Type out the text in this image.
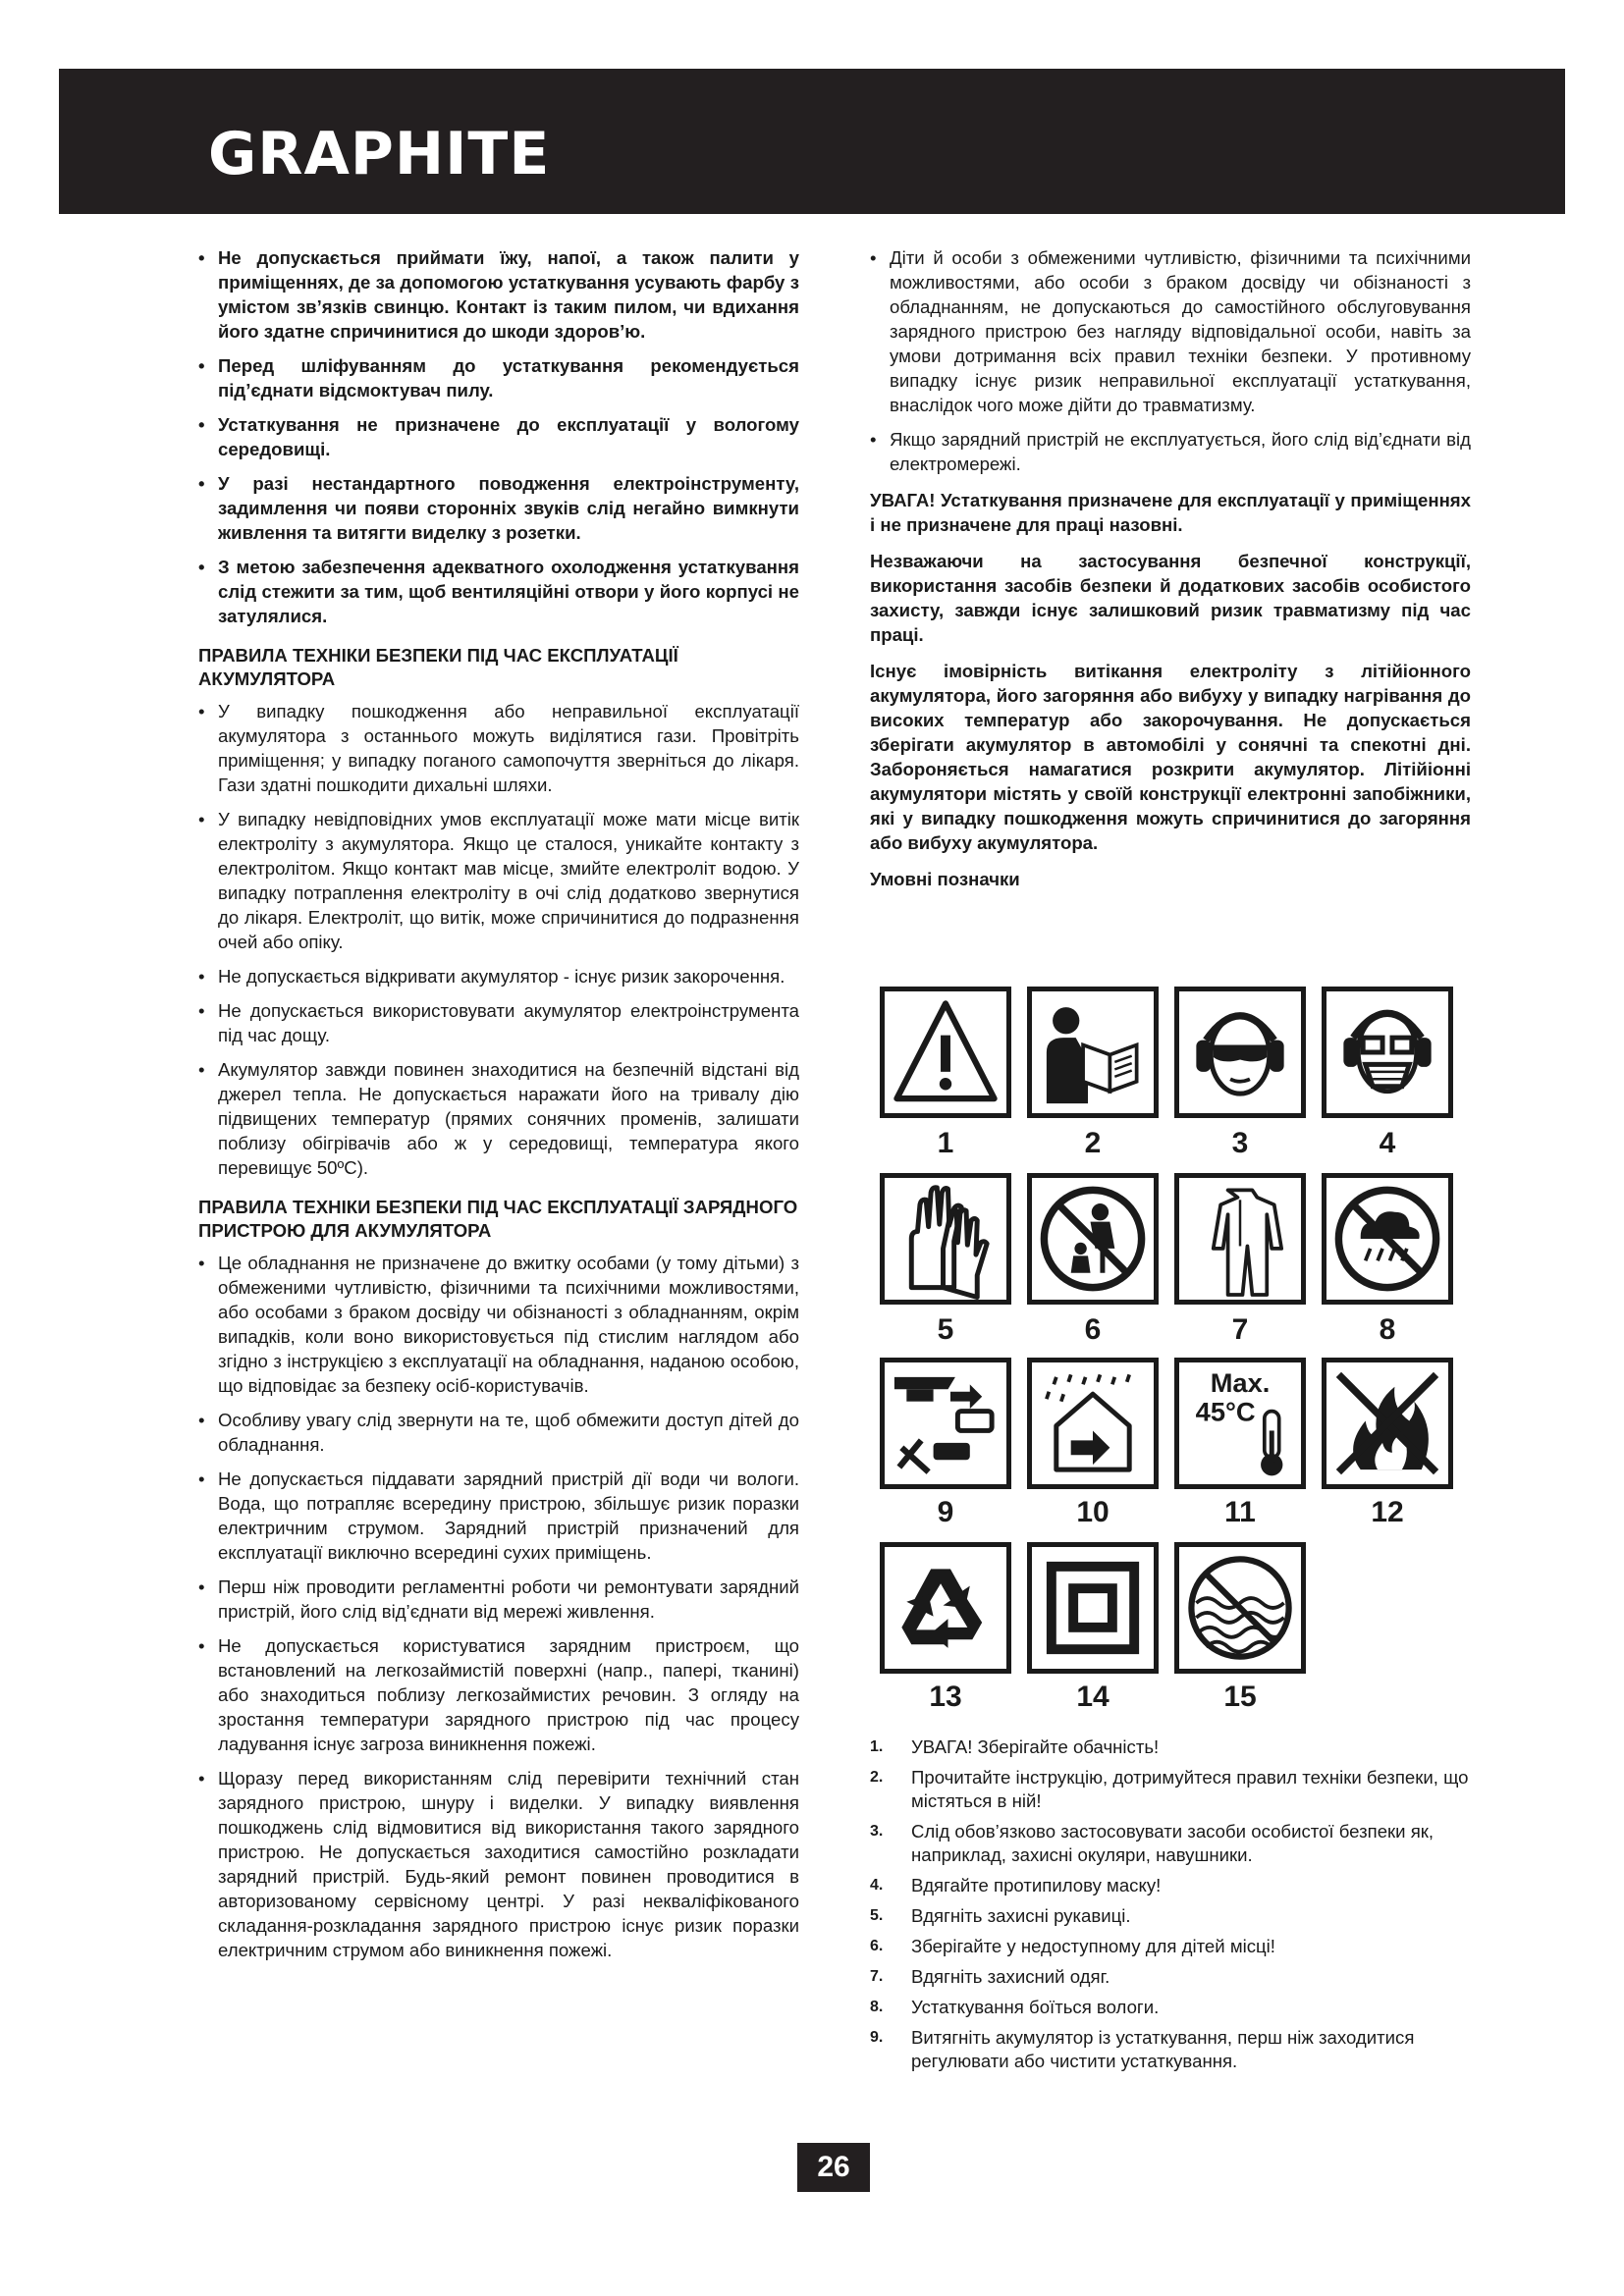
GRAPHITE
• Не допускається приймати їжу, напої, а також палити у приміщеннях, де за допомогою устаткування усувають фарбу з умістом зв’язків свинцю. Контакт із таким пилом, чи вдихання його здатне спричинитися до шкоди здоров’ю.
• Перед шліфуванням до устаткування рекомендується під’єднати відсмоктувач пилу.
• Устаткування не призначене до експлуатації у вологому середовищі.
• У разі нестандартного поводження електроінструменту, задимлення чи появи сторонніх звуків слід негайно вимкнути живлення та витягти виделку з розетки.
• З метою забезпечення адекватного охолодження устаткування слід стежити за тим, щоб вентиляційні отвори у його корпусі не затулялися.
ПРАВИЛА ТЕХНІКИ БЕЗПЕКИ ПІД ЧАС ЕКСПЛУАТАЦІЇ АКУМУЛЯТОРА
• У випадку пошкодження або неправильної експлуатації акумулятора з останнього можуть виділятися гази. Провітріть приміщення; у випадку поганого самопочуття зверніться до лікаря. Гази здатні пошкодити дихальні шляхи.
• У випадку невідповідних умов експлуатації може мати місце витік електроліту з акумулятора. Якщо це сталося, уникайте контакту з електролітом. Якщо контакт мав місце, змийте електроліт водою. У випадку потраплення електроліту в очі слід додатково звернутися до лікаря. Електроліт, що витік, може спричинитися до подразнення очей або опіку.
• Не допускається відкривати акумулятор - існує ризик закорочення.
• Не допускається використовувати акумулятор електроінструмента під час дощу.
• Акумулятор завжди повинен знаходитися на безпечній відстані від джерел тепла. Не допускається наражати його на тривалу дію підвищених температур (прямих сонячних променів, залишати поблизу обігрівачів або ж у середовищі, температура якого перевищує 50ºC).
ПРАВИЛА ТЕХНІКИ БЕЗПЕКИ ПІД ЧАС ЕКСПЛУАТАЦІЇ ЗАРЯДНОГО ПРИСТРОЮ ДЛЯ АКУМУЛЯТОРА
• Це обладнання не призначене до вжитку особами (у тому дітьми) з обмеженими чутливістю, фізичними та психічними можливостями, або особами з браком досвіду чи обізнаності з обладнанням, окрім випадків, коли воно використовується під стислим наглядом або згідно з інструкцією з експлуатації на обладнання, наданою особою, що відповідає за безпеку осіб-користувачів.
• Особливу увагу слід звернути на те, щоб обмежити доступ дітей до обладнання.
• Не допускається піддавати зарядний пристрій дії води чи вологи. Вода, що потрапляє всередину пристрою, збільшує ризик поразки електричним струмом. Зарядний пристрій призначений для експлуатації виключно всередині сухих приміщень.
• Перш ніж проводити регламентні роботи чи ремонтувати зарядний пристрій, його слід від’єднати від мережі живлення.
• Не допускається користуватися зарядним пристроєм, що встановлений на легкозаймистій поверхні (напр., папері, тканині) або знаходиться поблизу легкозаймистих речовин. З огляду на зростання температури зарядного пристрою під час процесу ладування існує загроза виникнення пожежі.
• Щоразу перед використанням слід перевірити технічний стан зарядного пристрою, шнуру і виделки. У випадку виявлення пошкоджень слід відмовитися від використання такого зарядного пристрою. Не допускається заходитися самостійно розкладати зарядний пристрій. Будь-який ремонт повинен проводитися в авторизованому сервісному центрі. У разі некваліфікованого складання-розкладання зарядного пристрою існує ризик поразки електричним струмом або виникнення пожежі.
• Діти й особи з обмеженими чутливістю, фізичними та психічними можливостями, або особи з браком досвіду чи обізнаності з обладнанням, не допускаються до самостійного обслуговування зарядного пристрою без нагляду відповідальної особи, навіть за умови дотримання всіх правил техніки безпеки. У противному випадку існує ризик неправильної експлуатації устаткування, внаслідок чого може дійти до травматизму.
• Якщо зарядний пристрій не експлуатується, його слід від’єднати від електромережі.

УВАГА! Устаткування призначене для експлуатації у приміщеннях і не призначене для праці назовні.

Незважаючи на застосування безпечної конструкції, використання засобів безпеки й додаткових засобів особистого захисту, завжди існує залишковий ризик травматизму під час праці.

Існує імовірність витікання електроліту з літійіонного акумулятора, його загоряння або вибуху у випадку нагрівання до високих температур або закорочування. Не допускається зберігати акумулятор в автомобілі у сонячні та спекотні дні. Забороняється намагатися розкрити акумулятор. Літійіонні акумулятори містять у своїй конструкції електронні запобіжники, які у випадку пошкодження можуть спричинитися до загоряння або вибуху акумулятора.

Умовні позначки
1	2	3	4
5	6	7	8
Max.
45°C
9	10	11	12
13	14	15
1. УВАГА! Зберігайте обачність!
2. Прочитайте інструкцію, дотримуйтеся правил техніки безпеки, що містяться в ній!
3. Слід обов’язково застосовувати засоби особистої безпеки як, наприклад, захисні окуляри, навушники.
4. Вдягайте протипилову маску!
5. Вдягніть захисні рукавиці.
6. Зберігайте у недоступному для дітей місці!
7. Вдягніть захисний одяг.
8. Устаткування боїться вологи.
9. Витягніть акумулятор із устаткування, перш ніж заходитися регулювати або чистити устаткування.
26
